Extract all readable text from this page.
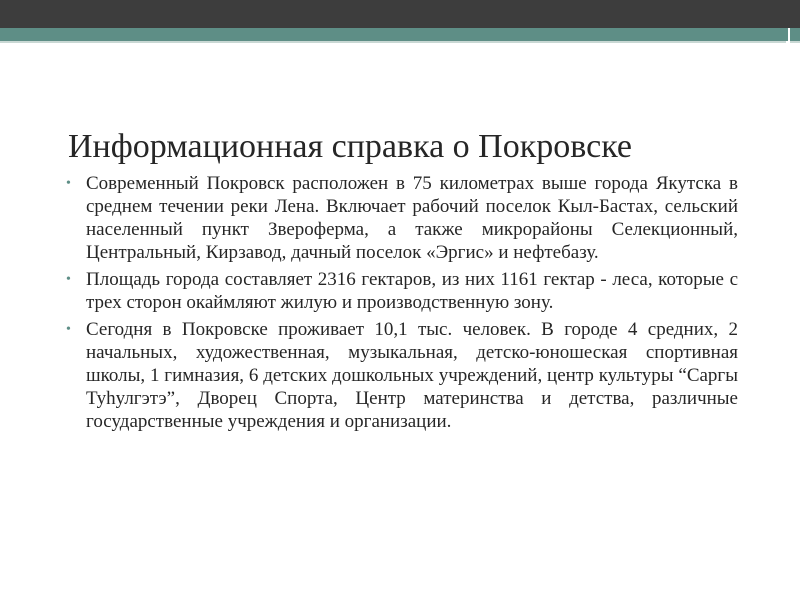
Информационная справка о Покровске
• Современный Покровск расположен в 75 километрах выше города Якутска в среднем течении реки Лена. Включает рабочий поселок Кыл-Бастах, сельский населенный пункт Звероферма, а также микрорайоны Селекционный, Центральный, Кирзавод, дачный поселок «Эргис» и нефтебазу.
• Площадь города составляет 2316 гектаров, из них 1161 гектар - леса, которые с трех сторон окаймляют жилую и производственную зону.
• Сегодня в Покровске проживает 10,1 тыс. человек. В городе 4 средних, 2 начальных, художественная, музыкальная, детско-юношеская спортивная школы, 1 гимназия, 6 детских дошкольных учреждений, центр культуры “Саргы Туһулгэтэ”, Дворец Спорта, Центр материнства и детства, различные государственные учреждения и организации.
